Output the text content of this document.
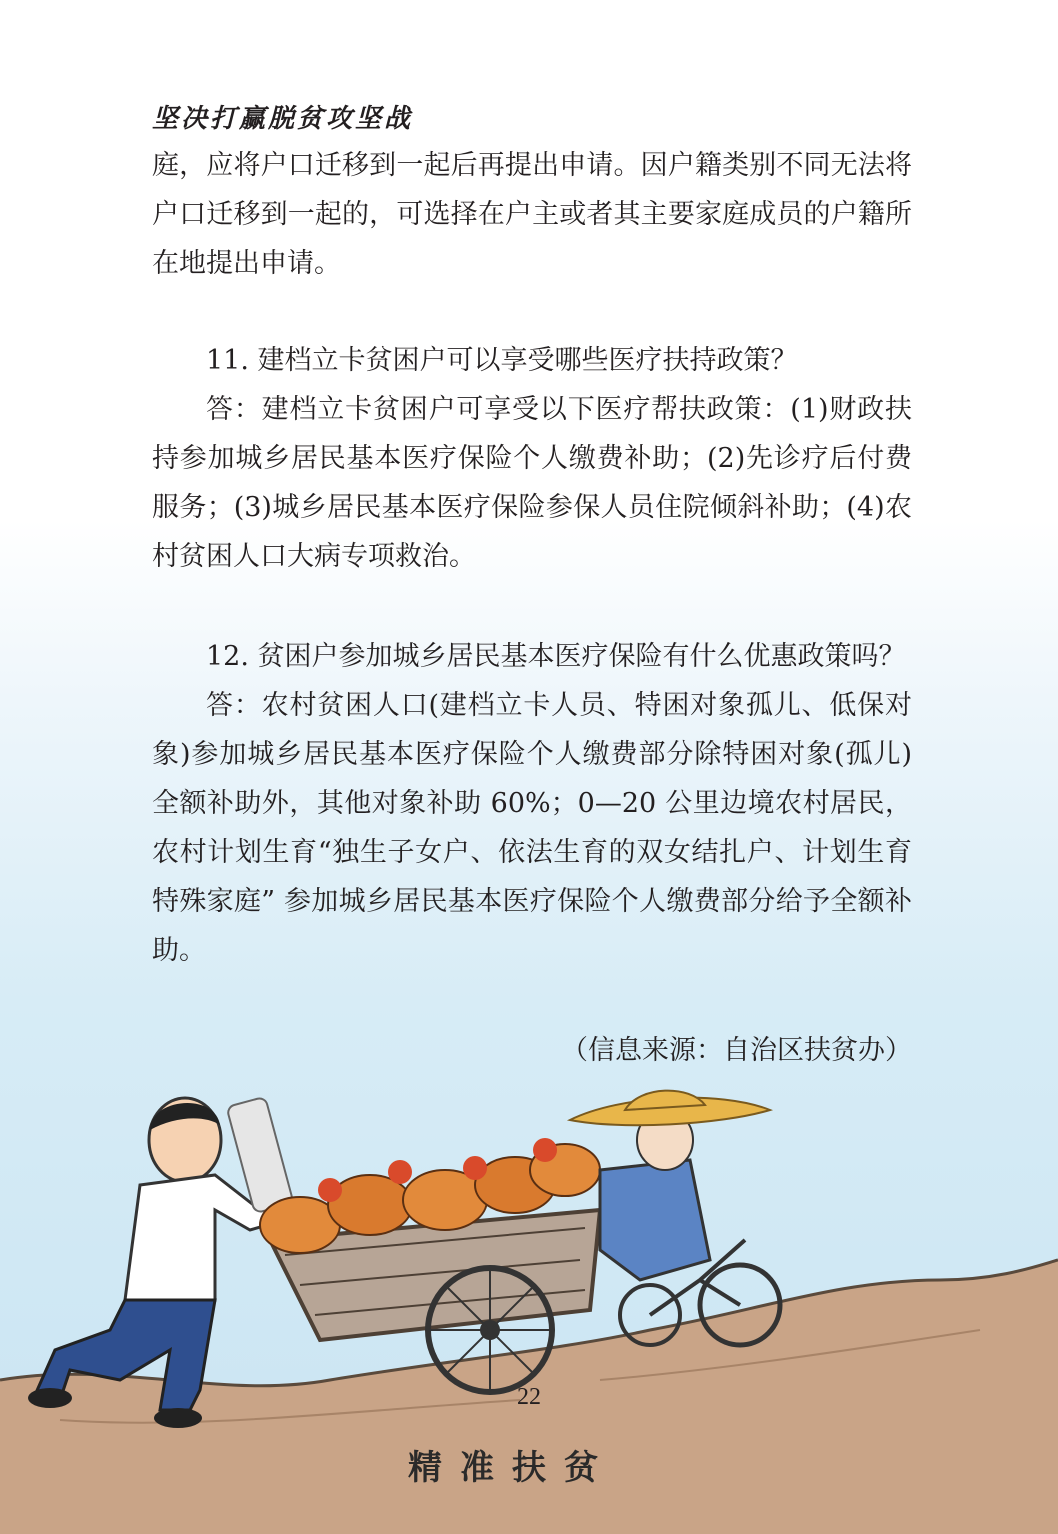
坚决打赢脱贫攻坚战

庭，应将户口迁移到一起后再提出申请。因户籍类别不同无法将户口迁移到一起的，可选择在户主或者其主要家庭成员的户籍所在地提出申请。

11. 建档立卡贫困户可以享受哪些医疗扶持政策？

答：建档立卡贫困户可享受以下医疗帮扶政策：(1)财政扶持参加城乡居民基本医疗保险个人缴费补助；(2)先诊疗后付费服务；(3)城乡居民基本医疗保险参保人员住院倾斜补助；(4)农村贫困人口大病专项救治。

12. 贫困户参加城乡居民基本医疗保险有什么优惠政策吗？

答：农村贫困人口(建档立卡人员、特困对象孤儿、低保对象)参加城乡居民基本医疗保险个人缴费部分除特困对象(孤儿)全额补助外，其他对象补助 60%；0—20 公里边境农村居民，农村计划生育“独生子女户、依法生育的双女结扎户、计划生育特殊家庭” 参加城乡居民基本医疗保险个人缴费部分给予全额补助。

（信息来源：自治区扶贫办）
22
精准扶贫
